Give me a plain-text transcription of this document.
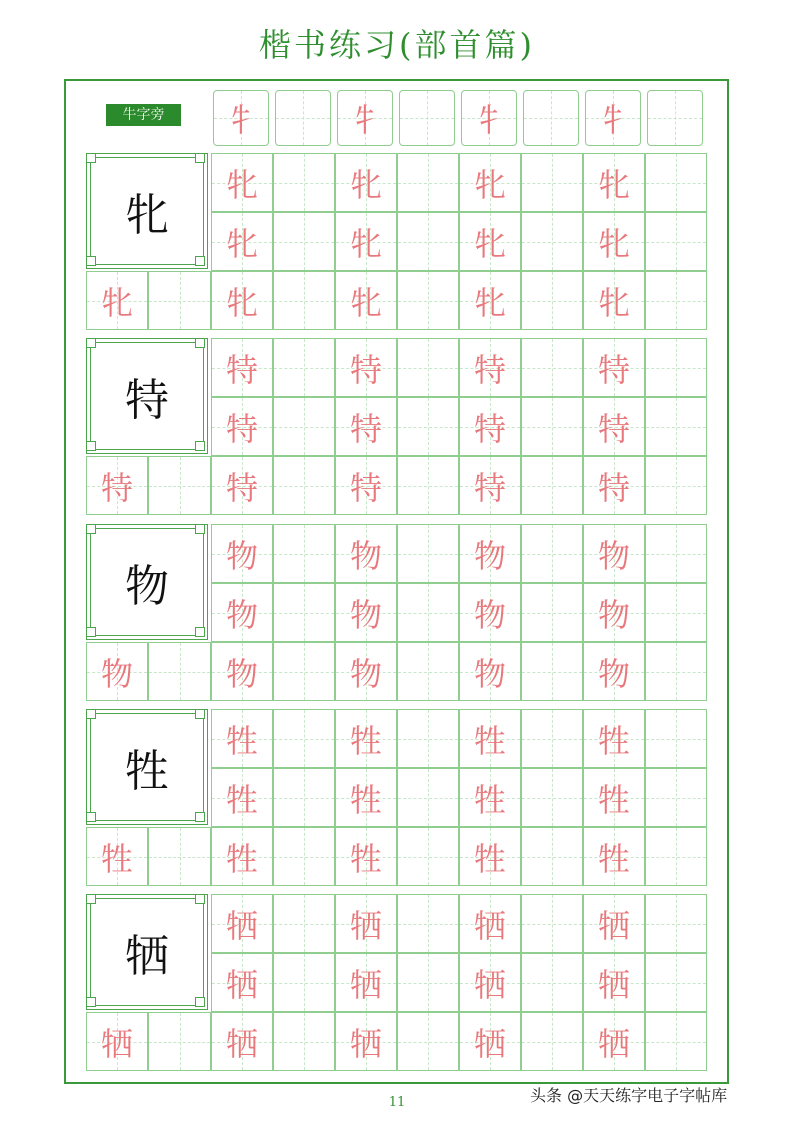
楷书练习(部首篇)
牛字旁	牜	牜	牜	牜
牝
牝	牝	牝	牝
牝	牝	牝	牝
牝	牝	牝	牝	牝
特
特	特	特	特
特	特	特	特
特	特	特	特	特
物
物	物	物	物
物	物	物	物
物	物	物	物	物
牲
牲	牲	牲	牲
牲	牲	牲	牲
牲	牲	牲	牲	牲
牺
牺	牺	牺	牺
牺	牺	牺	牺
牺	牺	牺	牺	牺
11	头条 @天天练字电子字帖库
